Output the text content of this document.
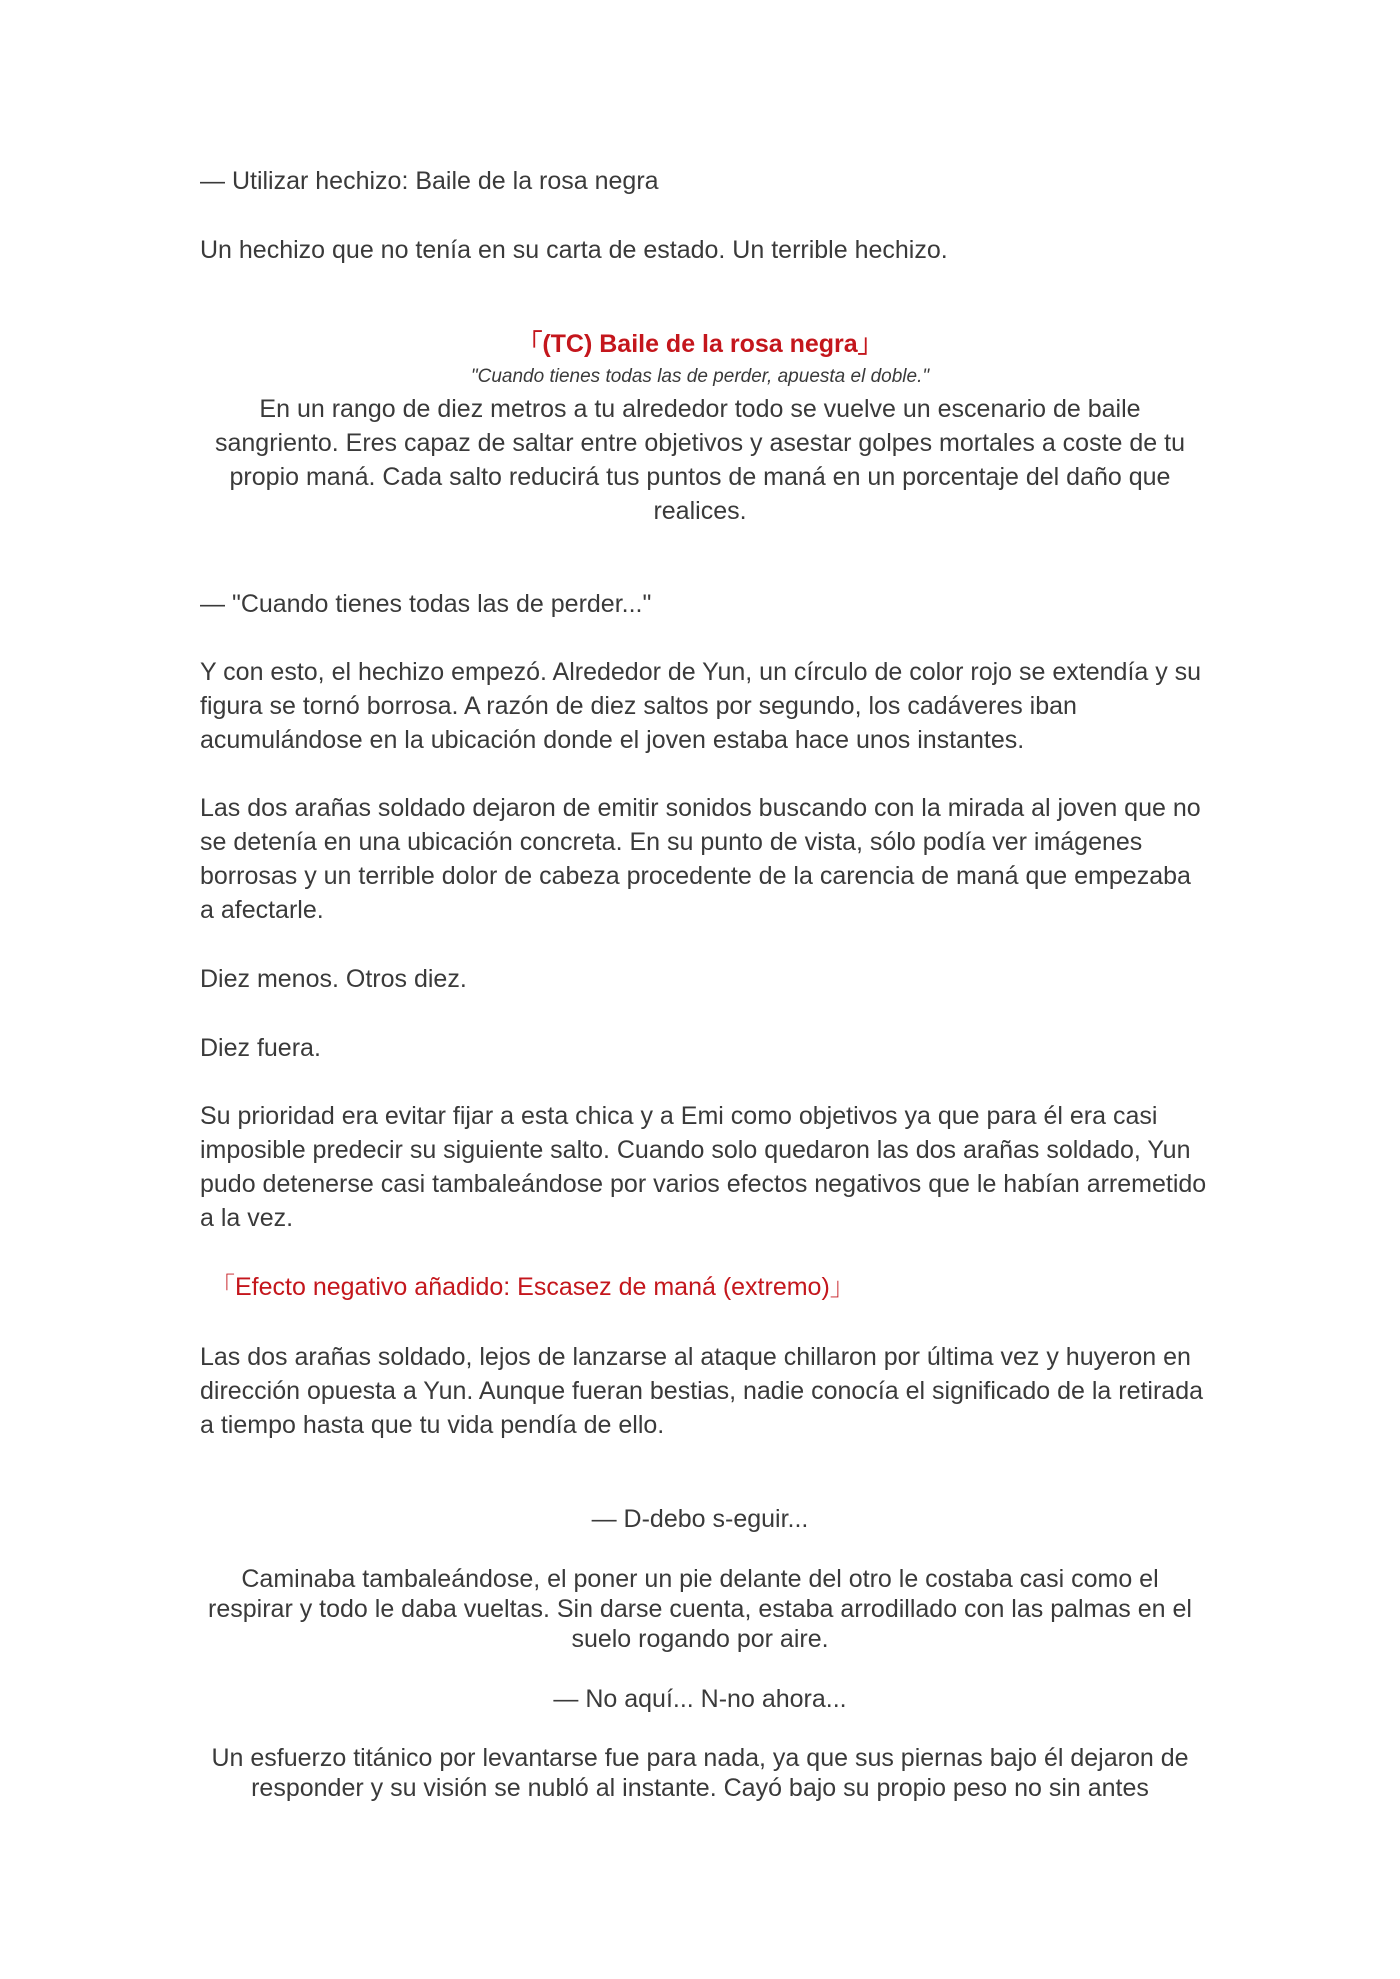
— Utilizar hechizo: Baile de la rosa negra

Un hechizo que no tenía en su carta de estado. Un terrible hechizo.

「(TC) Baile de la rosa negra」
"Cuando tienes todas las de perder, apuesta el doble."
En un rango de diez metros a tu alrededor todo se vuelve un escenario de baile sangriento. Eres capaz de saltar entre objetivos y asestar golpes mortales a coste de tu propio maná. Cada salto reducirá tus puntos de maná en un porcentaje del daño que realices.

— "Cuando tienes todas las de perder..."

Y con esto, el hechizo empezó. Alrededor de Yun, un círculo de color rojo se extendía y su figura se tornó borrosa. A razón de diez saltos por segundo, los cadáveres iban acumulándose en la ubicación donde el joven estaba hace unos instantes.

Las dos arañas soldado dejaron de emitir sonidos buscando con la mirada al joven que no se detenía en una ubicación concreta. En su punto de vista, sólo podía ver imágenes borrosas y un terrible dolor de cabeza procedente de la carencia de maná que empezaba a afectarle.

Diez menos. Otros diez.

Diez fuera.

Su prioridad era evitar fijar a esta chica y a Emi como objetivos ya que para él era casi imposible predecir su siguiente salto. Cuando solo quedaron las dos arañas soldado, Yun pudo detenerse casi tambaleándose por varios efectos negativos que le habían arremetido a la vez.

「Efecto negativo añadido: Escasez de maná (extremo)」

Las dos arañas soldado, lejos de lanzarse al ataque chillaron por última vez y huyeron en dirección opuesta a Yun. Aunque fueran bestias, nadie conocía el significado de la retirada a tiempo hasta que tu vida pendía de ello.

— D-debo s-eguir...

Caminaba tambaleándose, el poner un pie delante del otro le costaba casi como el respirar y todo le daba vueltas. Sin darse cuenta, estaba arrodillado con las palmas en el suelo rogando por aire.

— No aquí... N-no ahora...

Un esfuerzo titánico por levantarse fue para nada, ya que sus piernas bajo él dejaron de responder y su visión se nubló al instante. Cayó bajo su propio peso no sin antes
